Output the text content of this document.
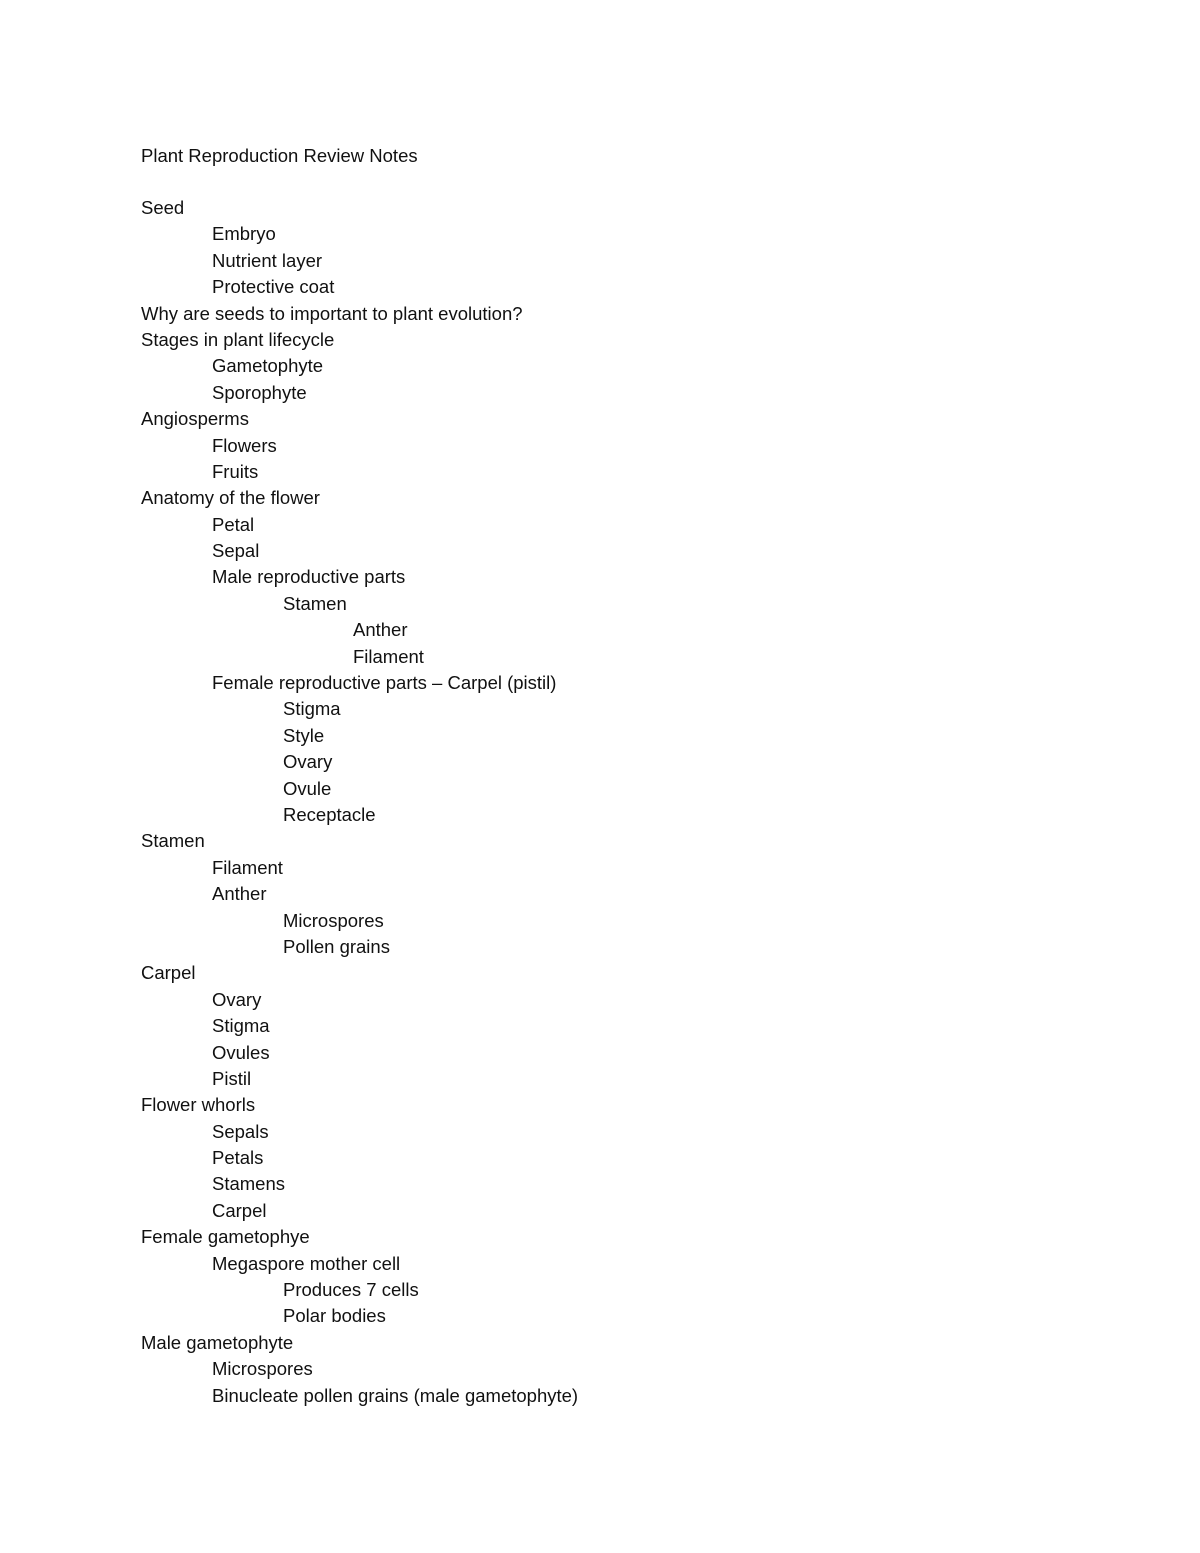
Plant Reproduction Review Notes
Seed
Embryo
Nutrient layer
Protective coat
Why are seeds to important to plant evolution?
Stages in plant lifecycle
Gametophyte
Sporophyte
Angiosperms
Flowers
Fruits
Anatomy of the flower
Petal
Sepal
Male reproductive parts
Stamen
Anther
Filament
Female reproductive parts – Carpel (pistil)
Stigma
Style
Ovary
Ovule
Receptacle
Stamen
Filament
Anther
Microspores
Pollen grains
Carpel
Ovary
Stigma
Ovules
Pistil
Flower whorls
Sepals
Petals
Stamens
Carpel
Female gametophye
Megaspore mother cell
Produces 7 cells
Polar bodies
Male gametophyte
Microspores
Binucleate pollen grains (male gametophyte)
